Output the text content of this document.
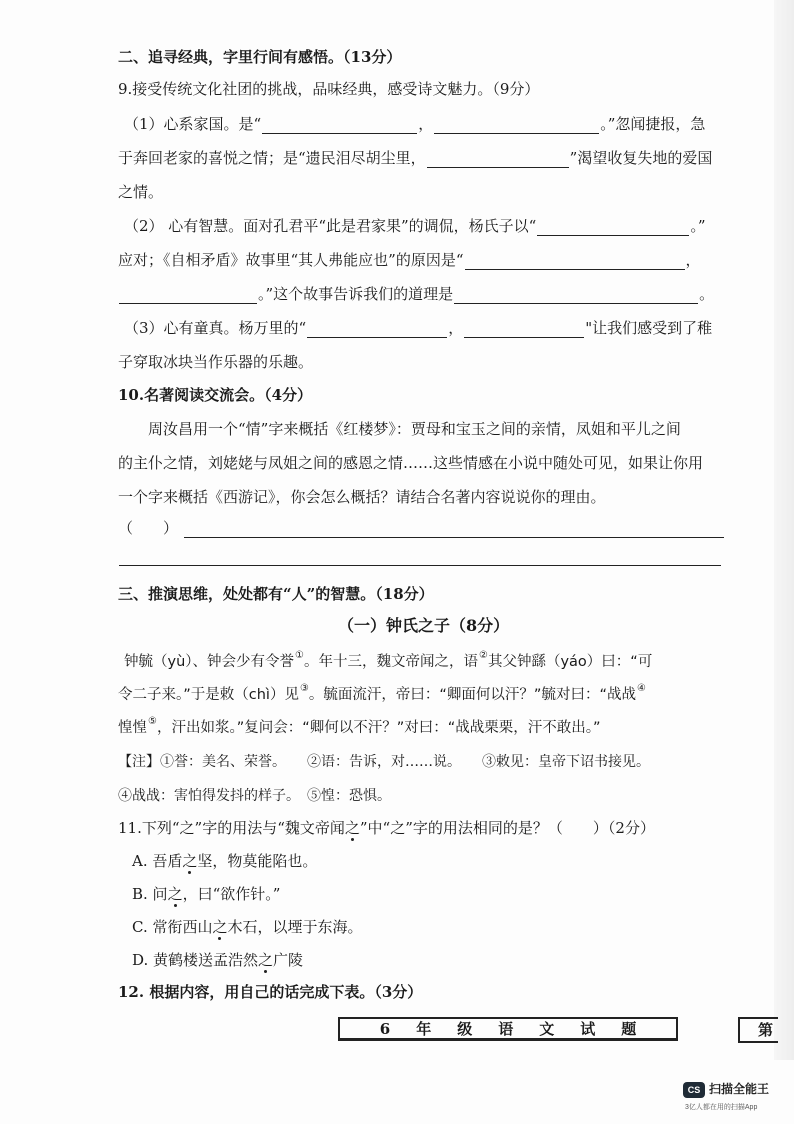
二、追寻经典，字里行间有感悟。（13分）
9.接受传统文化社团的挑战，品味经典，感受诗文魅力。（9分）
（1）心系家国。是“	，	。”忽闻捷报，急
于奔回老家的喜悦之情；是“遗民泪尽胡尘里，	”渴望收复失地的爱国
之情。
（2） 心有智慧。面对孔君平“此是君家果”的调侃，杨氏子以“	。”
应对；《自相矛盾》故事里“其人弗能应也”的原因是“	，
。”这个故事告诉我们的道理是	。
（3）心有童真。杨万里的“	，	"让我们感受到了稚
子穿取冰块当作乐器的乐趣。
10.名著阅读交流会。（4分）
周汝昌用一个“情”字来概括《红楼梦》：贾母和宝玉之间的亲情，凤姐和平儿之间
的主仆之情，刘姥姥与凤姐之间的感恩之情……这些情感在小说中随处可见，如果让你用
一个字来概括《西游记》，你会怎么概括？请结合名著内容说说你的理由。
（　　）
三、推演思维，处处都有“人”的智慧。（18分）
（一）钟氏之子（8分）
钟毓（yù）、钟会少有令誉①。年十三，魏文帝闻之，语②其父钟繇（yáo）曰：“可
令二子来。”于是敕（chì）见③。毓面流汗，帝曰：“卿面何以汗？”毓对曰：“战战④
惶惶⑤，汗出如浆。”复问会：“卿何以不汗？”对曰：“战战栗栗，汗不敢出。”
【注】①誉：美名、荣誉。　　②语：告诉，对……说。　　③敕见：皇帝下诏书接见。
④战战：害怕得发抖的样子。　⑤惶：恐惧。
11.下列“之”字的用法与“魏文帝闻之”中“之”字的用法相同的是？（　　）（2分）
A. 吾盾之坚，物莫能陷也。
B. 问之，曰“欲作针。”
C. 常衔西山之木石，以堙于东海。
D. 黄鹤楼送孟浩然之广陵
12. 根据内容，用自己的话完成下表。（3分）
6年级语文试题	第
CS 扫描全能王
3亿人都在用的扫描App
